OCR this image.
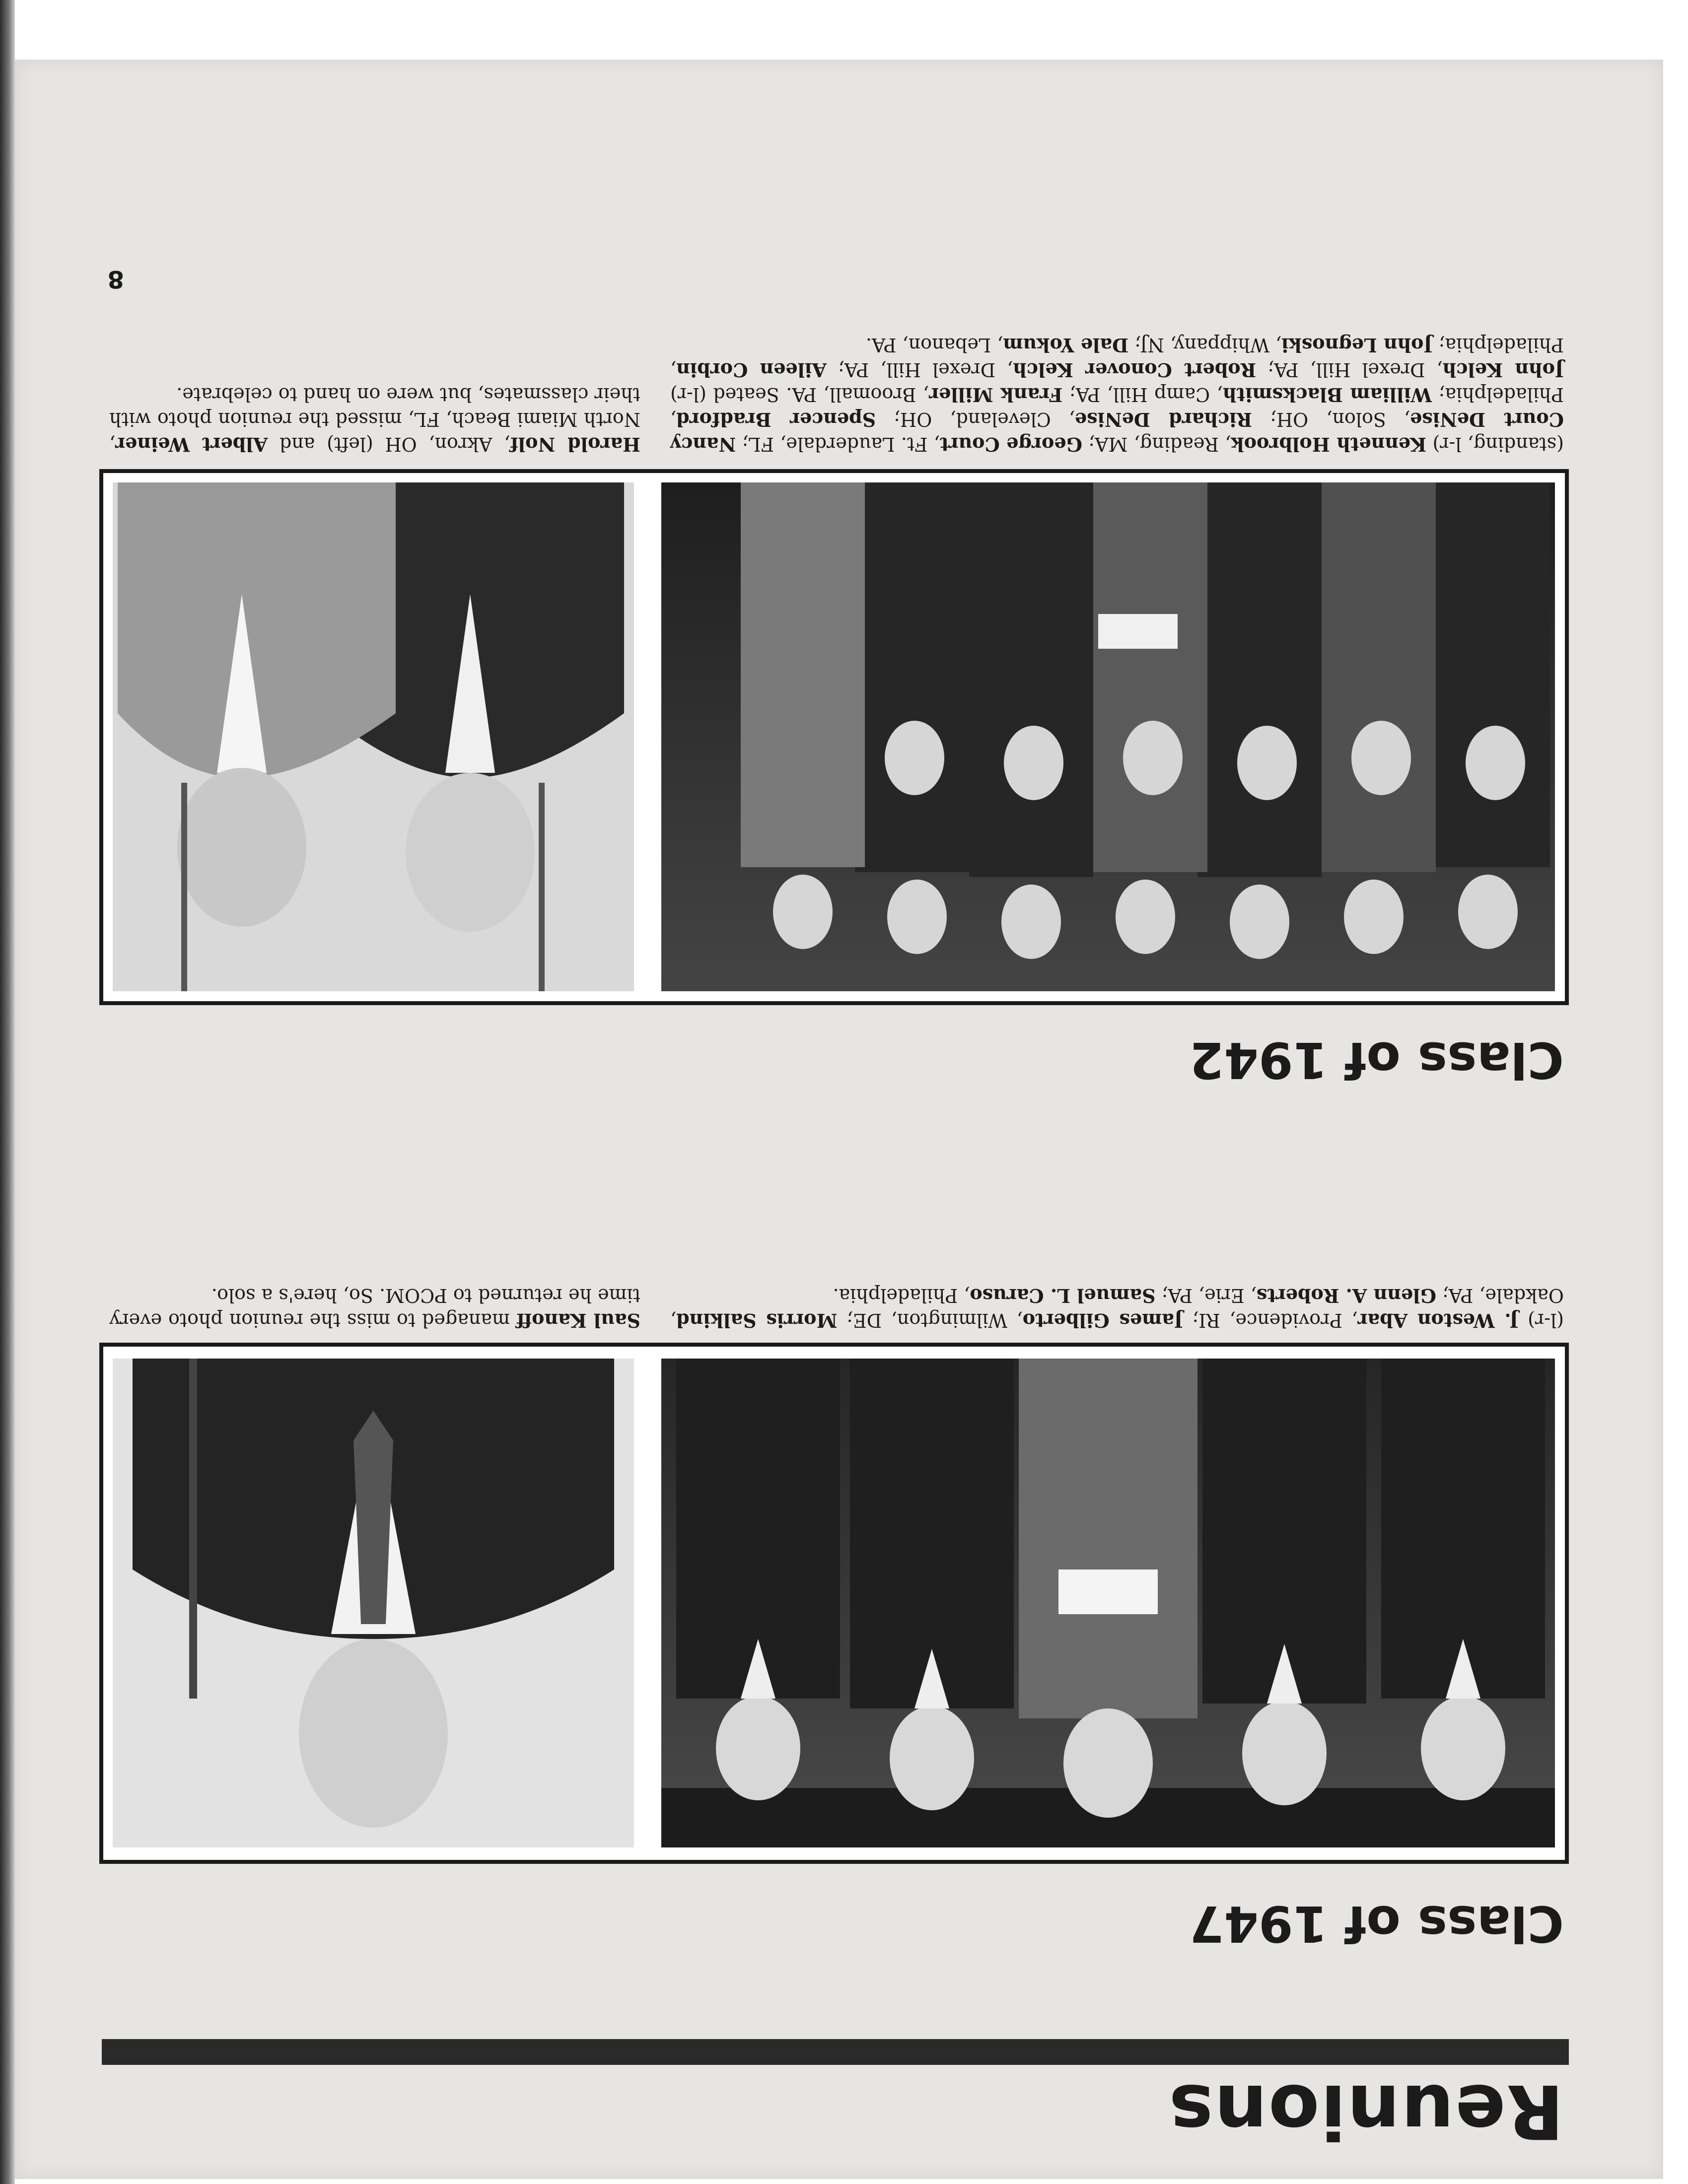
Reunions
Class of 1947

(l-r) J. Weston Abar, Providence, RI; James Gilberto, Wilmington, DE; Morris Salkind, Oakdale, PA; Glenn A. Roberts, Erie, PA; Samuel L. Caruso, Philadelphia.

Saul Kanoff managed to miss the reunion photo every time he returned to PCOM. So, here's a solo.

Class of 1942

(standing, l-r) Kenneth Holbrook, Reading, MA; George Court, Ft. Lauderdale, FL; Nancy Court DeNise, Solon, OH; Richard DeNise, Cleveland, OH; Spencer Bradford, Philadelphia; William Blacksmith, Camp Hill, PA; Frank Miller, Broomall, PA. Seated (l-r) John Kelch, Drexel Hill, PA; Robert Conover Kelch, Drexel Hill, PA; Aileen Corbin, Philadelphia; John Legnoski, Whippany, NJ; Dale Yokum, Lebanon, PA.

Harold Nolf, Akron, OH (left) and Albert Weiner, North Miami Beach, FL, missed the reunion photo with their classmates, but were on hand to celebrate.

8
